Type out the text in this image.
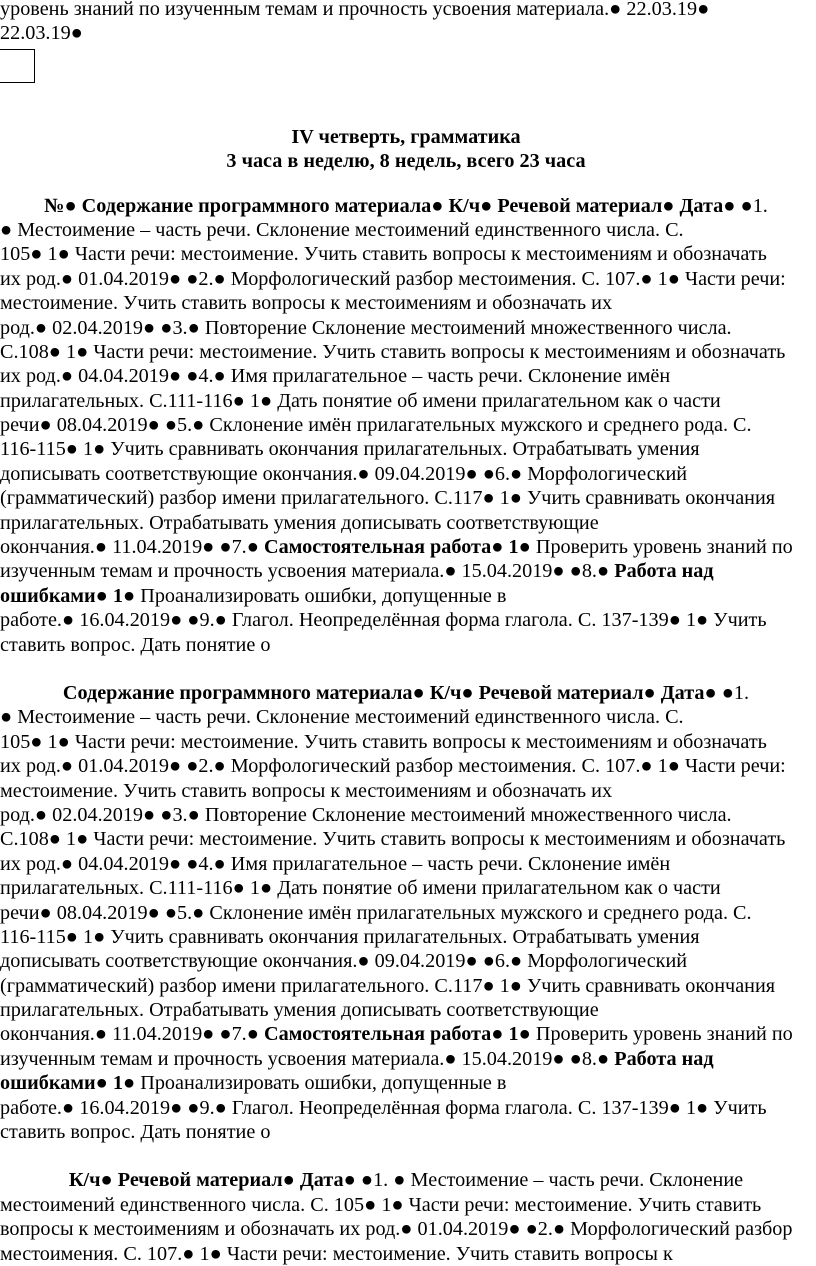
уровень знаний по изученным темам и прочность усвоения материала.● 22.03.19●
22.03.19●
IV четверть, грамматика
3 часа в неделю, 8 недель, всего 23 часа
№● Содержание программного материала● К/ч● Речевой материал● Дата● ●1.
● Местоимение – часть речи. Склонение местоимений единственного числа. С.
105● 1● Части речи: местоимение. Учить ставить вопросы к местоимениям и обозначать
их род.● 01.04.2019● ●2.● Морфологический разбор местоимения. С. 107.● 1● Части речи:
местоимение. Учить ставить вопросы к местоимениям и обозначать их
род.● 02.04.2019● ●3.● Повторение Склонение местоимений множественного числа.
С.108● 1● Части речи: местоимение. Учить ставить вопросы к местоимениям и обозначать
их род.● 04.04.2019● ●4.● Имя прилагательное – часть речи. Склонение имён
прилагательных. С.111-116● 1● Дать понятие об имени прилагательном как о части
речи● 08.04.2019● ●5.● Склонение имён прилагательных мужского и среднего рода. С.
116-115● 1● Учить сравнивать окончания прилагательных. Отрабатывать умения
дописывать соответствующие окончания.● 09.04.2019● ●6.● Морфологический
(грамматический) разбор имени прилагательного. С.117● 1● Учить сравнивать окончания
прилагательных. Отрабатывать умения дописывать соответствующие
окончания.● 11.04.2019● ●7.● Самостоятельная работа● 1● Проверить уровень знаний по
изученным темам и прочность усвоения материала.● 15.04.2019● ●8.● Работа над
ошибками● 1● Проанализировать ошибки, допущенные в
работе.● 16.04.2019● ●9.● Глагол. Неопределённая форма глагола. С. 137-139● 1● Учить
ставить вопрос. Дать понятие о
Содержание программного материала● К/ч● Речевой материал● Дата● ●1.
● Местоимение – часть речи. Склонение местоимений единственного числа. С.
105● 1● Части речи: местоимение. Учить ставить вопросы к местоимениям и обозначать
их род.● 01.04.2019● ●2.● Морфологический разбор местоимения. С. 107.● 1● Части речи:
местоимение. Учить ставить вопросы к местоимениям и обозначать их
род.● 02.04.2019● ●3.● Повторение Склонение местоимений множественного числа.
С.108● 1● Части речи: местоимение. Учить ставить вопросы к местоимениям и обозначать
их род.● 04.04.2019● ●4.● Имя прилагательное – часть речи. Склонение имён
прилагательных. С.111-116● 1● Дать понятие об имени прилагательном как о части
речи● 08.04.2019● ●5.● Склонение имён прилагательных мужского и среднего рода. С.
116-115● 1● Учить сравнивать окончания прилагательных. Отрабатывать умения
дописывать соответствующие окончания.● 09.04.2019● ●6.● Морфологический
(грамматический) разбор имени прилагательного. С.117● 1● Учить сравнивать окончания
прилагательных. Отрабатывать умения дописывать соответствующие
окончания.● 11.04.2019● ●7.● Самостоятельная работа● 1● Проверить уровень знаний по
изученным темам и прочность усвоения материала.● 15.04.2019● ●8.● Работа над
ошибками● 1● Проанализировать ошибки, допущенные в
работе.● 16.04.2019● ●9.● Глагол. Неопределённая форма глагола. С. 137-139● 1● Учить
ставить вопрос. Дать понятие о
К/ч● Речевой материал● Дата● ●1. ● Местоимение – часть речи. Склонение
местоимений единственного числа. С. 105● 1● Части речи: местоимение. Учить ставить
вопросы к местоимениям и обозначать их род.● 01.04.2019● ●2.● Морфологический разбор
местоимения. С. 107.● 1● Части речи: местоимение. Учить ставить вопросы к
